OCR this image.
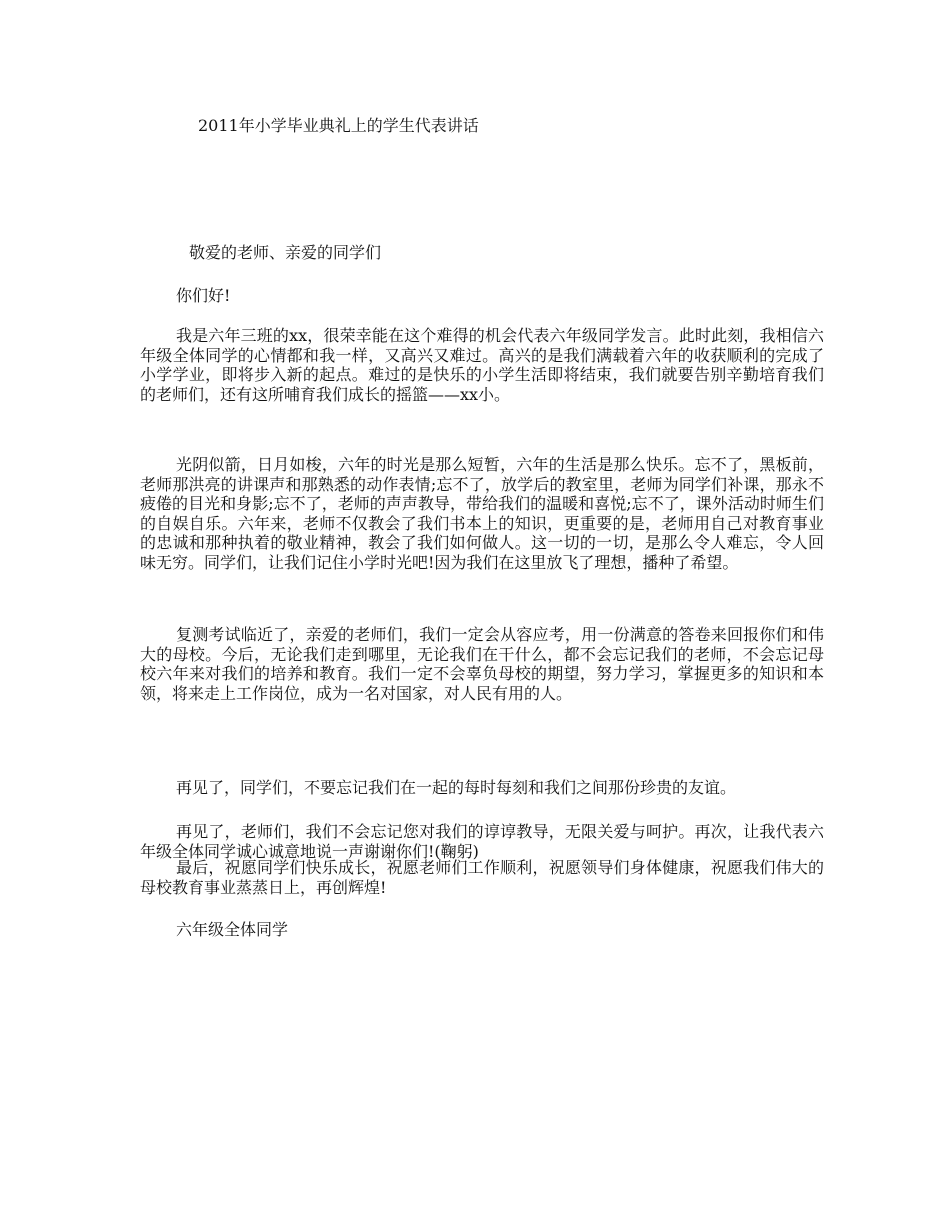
2011年小学毕业典礼上的学生代表讲话
敬爱的老师、亲爱的同学们

你们好!

我是六年三班的xx，很荣幸能在这个难得的机会代表六年级同学发言。此时此刻，我相信六年级全体同学的心情都和我一样，又高兴又难过。高兴的是我们满载着六年的收获顺利的完成了小学学业，即将步入新的起点。难过的是快乐的小学生活即将结束，我们就要告别辛勤培育我们的老师们，还有这所哺育我们成长的摇篮——xx小。

光阴似箭，日月如梭，六年的时光是那么短暂，六年的生活是那么快乐。忘不了，黑板前，老师那洪亮的讲课声和那熟悉的动作表情;忘不了，放学后的教室里，老师为同学们补课，那永不疲倦的目光和身影;忘不了，老师的声声教导，带给我们的温暖和喜悦;忘不了，课外活动时师生们的自娱自乐。六年来，老师不仅教会了我们书本上的知识，更重要的是，老师用自己对教育事业的忠诚和那种执着的敬业精神，教会了我们如何做人。这一切的一切，是那么令人难忘，令人回味无穷。同学们，让我们记住小学时光吧!因为我们在这里放飞了理想，播种了希望。

复测考试临近了，亲爱的老师们，我们一定会从容应考，用一份满意的答卷来回报你们和伟大的母校。今后，无论我们走到哪里，无论我们在干什么，都不会忘记我们的老师，不会忘记母校六年来对我们的培养和教育。我们一定不会辜负母校的期望，努力学习，掌握更多的知识和本领，将来走上工作岗位，成为一名对国家，对人民有用的人。

再见了，同学们，不要忘记我们在一起的每时每刻和我们之间那份珍贵的友谊。

再见了，老师们，我们不会忘记您对我们的谆谆教导，无限关爱与呵护。再次，让我代表六年级全体同学诚心诚意地说一声谢谢你们!(鞠躬)

最后，祝愿同学们快乐成长，祝愿老师们工作顺利，祝愿领导们身体健康，祝愿我们伟大的母校教育事业蒸蒸日上，再创辉煌!

六年级全体同学
